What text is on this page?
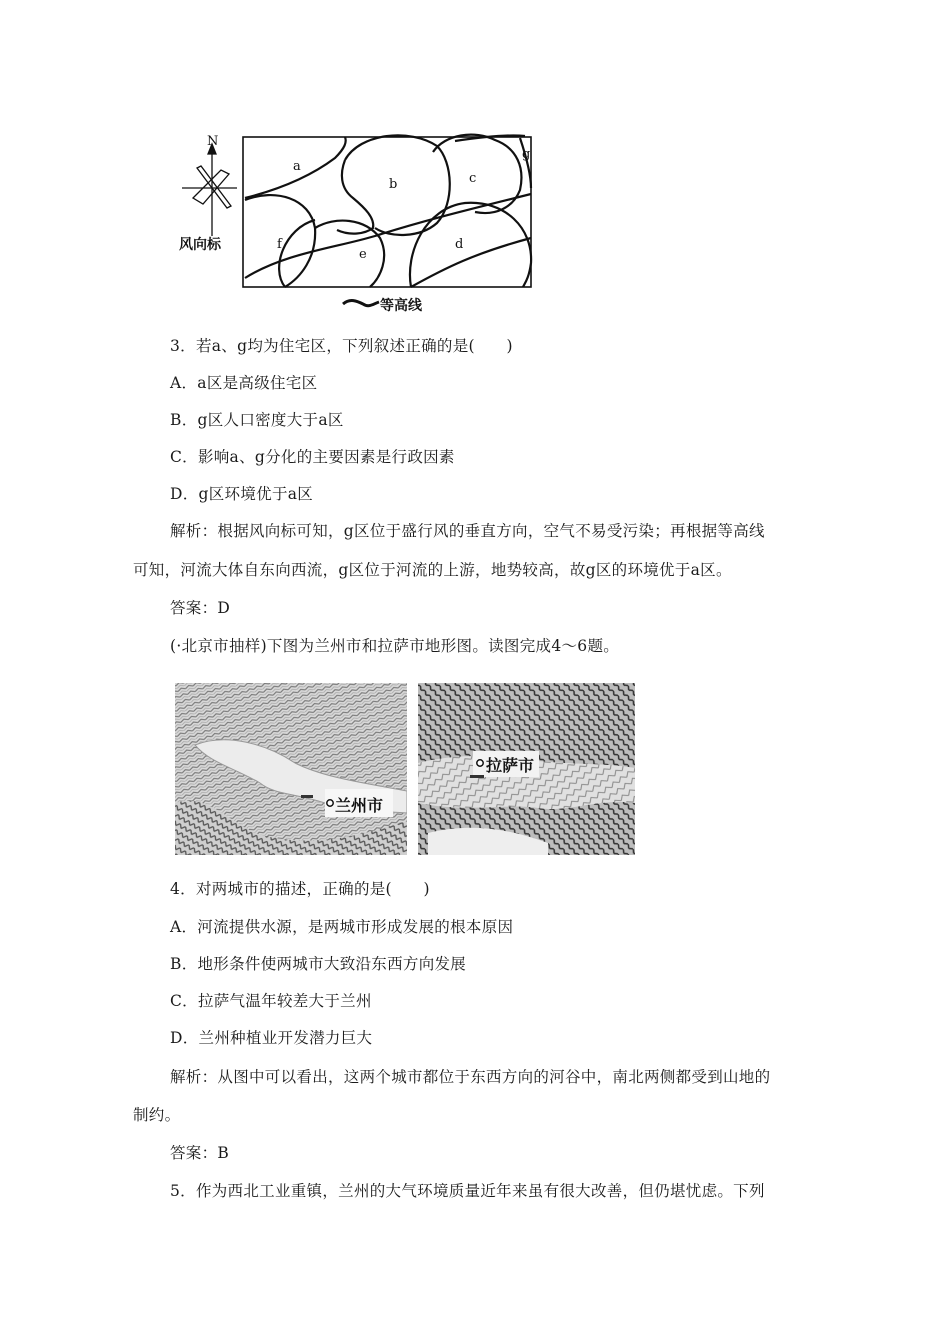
N
风向标
a
b	c
d
e
f
g
等高线
3．若a、g均为住宅区，下列叙述正确的是(　　)
A．a区是高级住宅区
B．g区人口密度大于a区
C．影响a、g分化的主要因素是行政因素
D．g区环境优于a区
解析：根据风向标可知，g区位于盛行风的垂直方向，空气不易受污染；再根据等高线
可知，河流大体自东向西流，g区位于河流的上游，地势较高，故g区的环境优于a区。
答案：D
(·北京市抽样)下图为兰州市和拉萨市地形图。读图完成4～6题。
兰州市
拉萨市
4．对两城市的描述，正确的是(　　)
A．河流提供水源，是两城市形成发展的根本原因
B．地形条件使两城市大致沿东西方向发展
C．拉萨气温年较差大于兰州
D．兰州种植业开发潜力巨大
解析：从图中可以看出，这两个城市都位于东西方向的河谷中，南北两侧都受到山地的
制约。
答案：B
5．作为西北工业重镇，兰州的大气环境质量近年来虽有很大改善，但仍堪忧虑。下列
